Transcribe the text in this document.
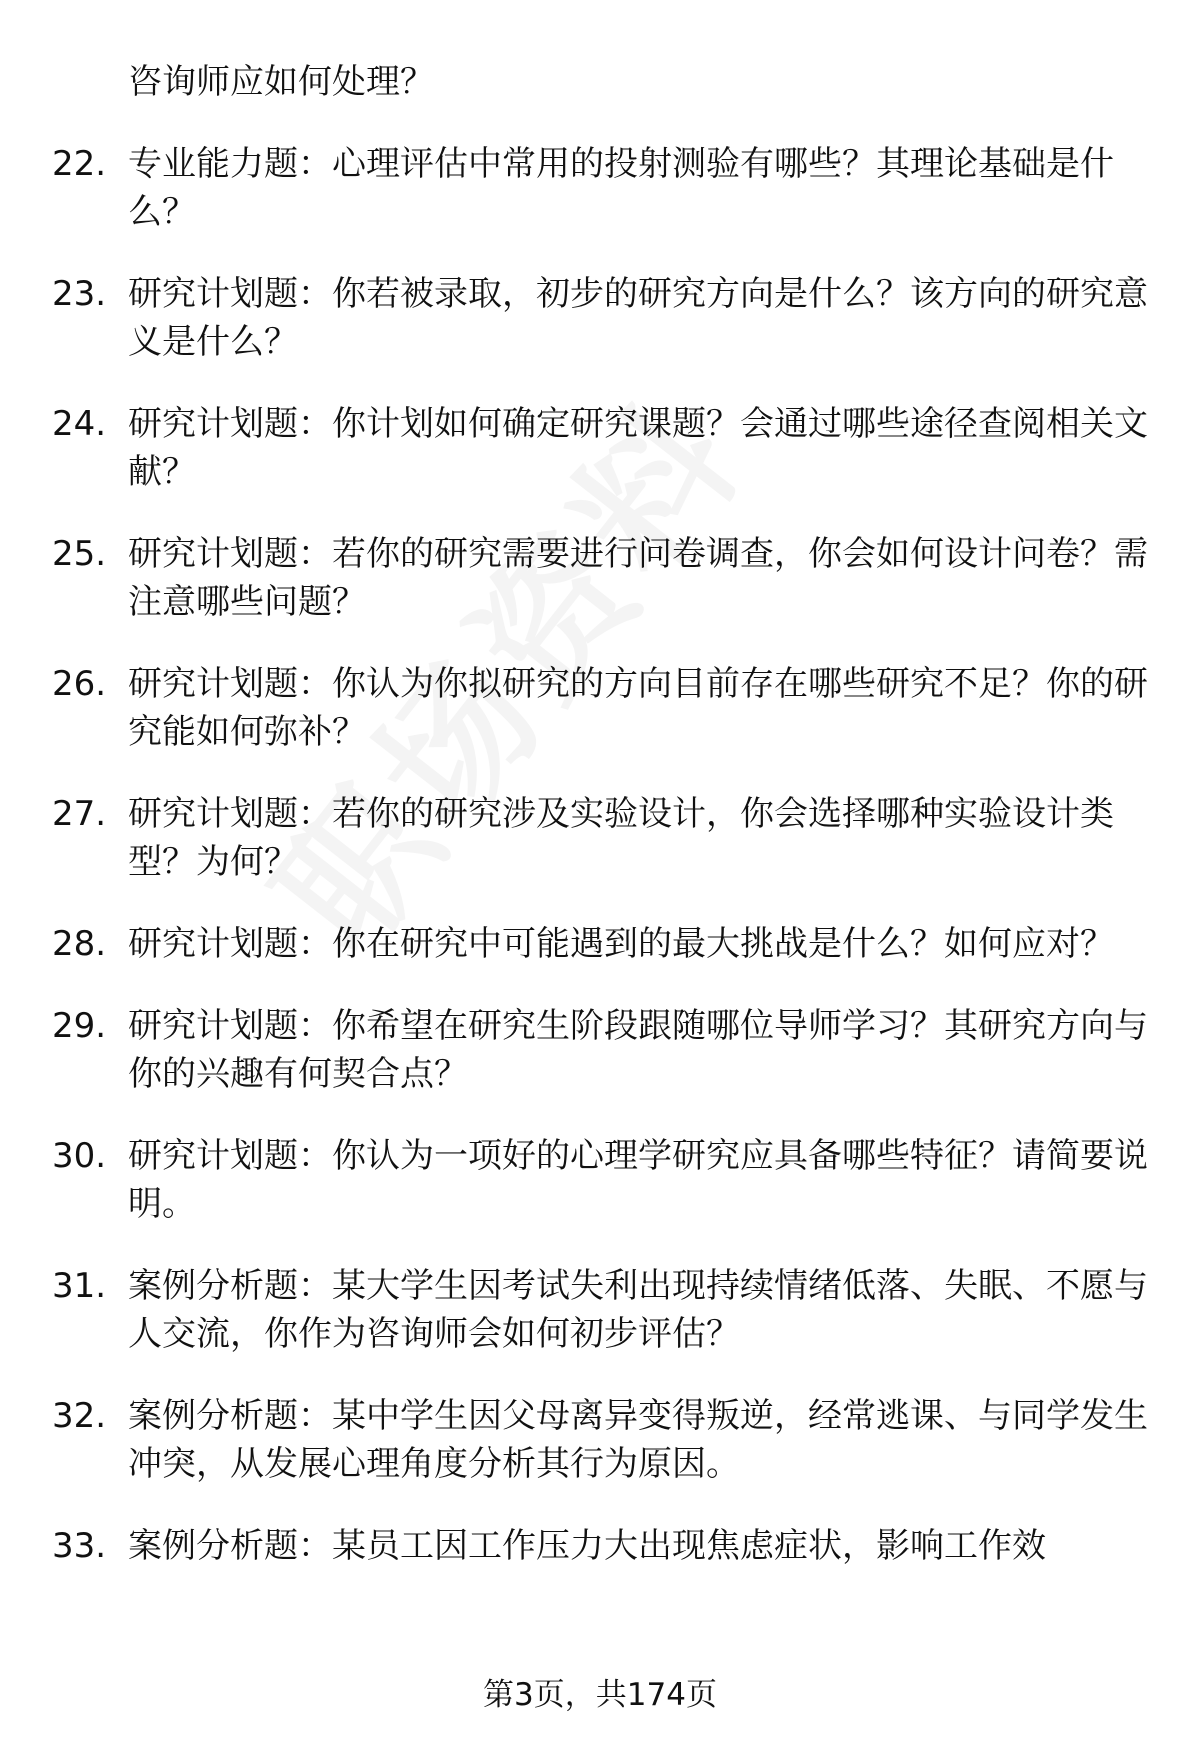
咨询师应如何处理？
22. 专业能力题：心理评估中常用的投射测验有哪些？其理论基础是什么？
23. 研究计划题：你若被录取，初步的研究方向是什么？该方向的研究意义是什么？
24. 研究计划题：你计划如何确定研究课题？会通过哪些途径查阅相关文献？
25. 研究计划题：若你的研究需要进行问卷调查，你会如何设计问卷？需注意哪些问题？
26. 研究计划题：你认为你拟研究的方向目前存在哪些研究不足？你的研究能如何弥补？
27. 研究计划题：若你的研究涉及实验设计，你会选择哪种实验设计类型？为何？
28. 研究计划题：你在研究中可能遇到的最大挑战是什么？如何应对？
29. 研究计划题：你希望在研究生阶段跟随哪位导师学习？其研究方向与你的兴趣有何契合点？
30. 研究计划题：你认为一项好的心理学研究应具备哪些特征？请简要说明。
31. 案例分析题：某大学生因考试失利出现持续情绪低落、失眠、不愿与人交流，你作为咨询师会如何初步评估？
32. 案例分析题：某中学生因父母离异变得叛逆，经常逃课、与同学发生冲突，从发展心理角度分析其行为原因。
33. 案例分析题：某员工因工作压力大出现焦虑症状，影响工作效
第3页，共174页
